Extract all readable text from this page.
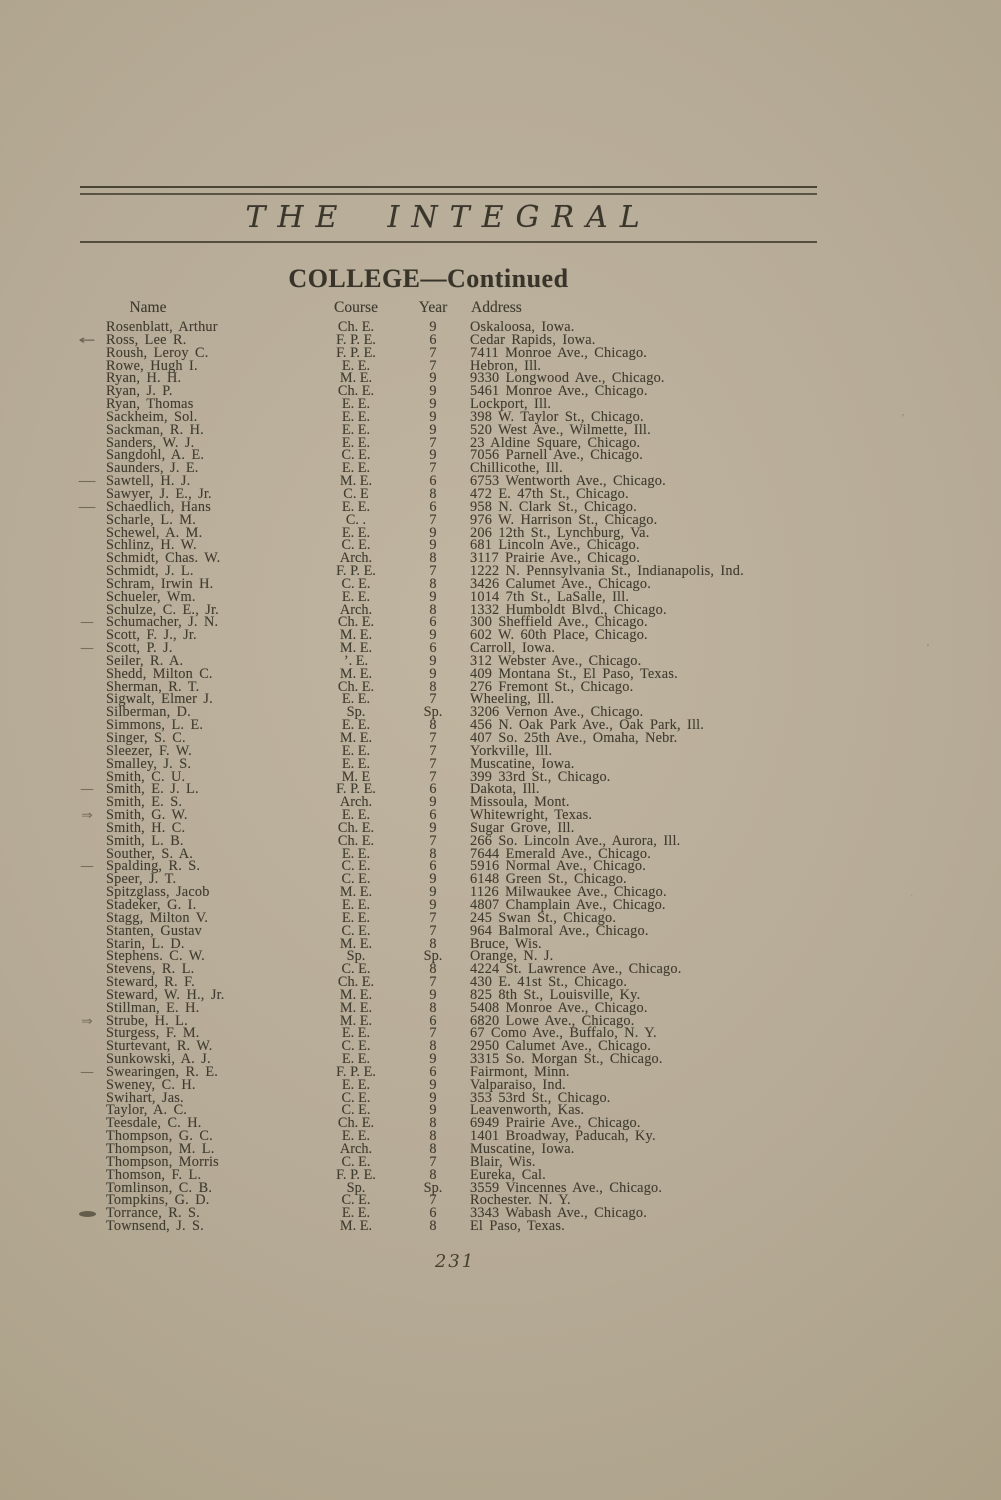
THE INTEGRAL
COLLEGE—Continued
Name	Course	Year	Address
Rosenblatt, Arthur	Ch. E.	9	Oskaloosa, Iowa.
← Ross, Lee R.	F. P. E.	6	Cedar Rapids, Iowa.
Roush, Leroy C.	F. P. E.	7	7411 Monroe Ave., Chicago.
Rowe, Hugh I.	E. E.	7	Hebron, Ill.
Ryan, H. H.	M. E.	9	9330 Longwood Ave., Chicago.
Ryan, J. P.	Ch. E.	9	5461 Monroe Ave., Chicago.
Ryan, Thomas	E. E.	9	Lockport, Ill.
Sackheim, Sol.	E. E.	9	398 W. Taylor St., Chicago.
Sackman, R. H.	E. E.	9	520 West Ave., Wilmette, Ill.
Sanders, W. J.	E. E.	7	23 Aldine Square, Chicago.
Sangdohl, A. E.	C. E.	9	7056 Parnell Ave., Chicago.
Saunders, J. E.	E. E.	7	Chillicothe, Ill.
— Sawtell, H. J.	M. E.	6	6753 Wentworth Ave., Chicago.
Sawyer, J. E., Jr.	C. E	8	472 E. 47th St., Chicago.
— Schaedlich, Hans	E. E.	6	958 N. Clark St., Chicago.
Scharle, L. M.	C. .	7	976 W. Harrison St., Chicago.
Schewel, A. M.	E. E.	9	206 12th St., Lynchburg, Va.
Schlinz, H. W.	C. E.	9	681 Lincoln Ave., Chicago.
Schmidt, Chas. W.	Arch.	8	3117 Prairie Ave., Chicago.
Schmidt, J. L.	F. P. E.	7	1222 N. Pennsylvania St., Indianapolis, Ind.
Schram, Irwin H.	C. E.	8	3426 Calumet Ave., Chicago.
Schueler, Wm.	E. E.	9	1014 7th St., LaSalle, Ill.
Schulze, C. E., Jr.	Arch.	8	1332 Humboldt Blvd., Chicago.
— Schumacher, J. N.	Ch. E.	6	300 Sheffield Ave., Chicago.
Scott, F. J., Jr.	M. E.	9	602 W. 60th Place, Chicago.
— Scott, P. J.	M. E.	6	Carroll, Iowa.
Seiler, R. A.	’. E.	9	312 Webster Ave., Chicago.
Shedd, Milton C.	M. E.	9	409 Montana St., El Paso, Texas.
Sherman, R. T.	Ch. E.	8	276 Fremont St., Chicago.
Sigwalt, Elmer J.	E. E.	7	Wheeling, Ill.
Silberman, D.	Sp.	Sp.	3206 Vernon Ave., Chicago.
Simmons, L. E.	E. E.	8	456 N. Oak Park Ave., Oak Park, Ill.
Singer, S. C.	M. E.	7	407 So. 25th Ave., Omaha, Nebr.
Sleezer, F. W.	E. E.	7	Yorkville, Ill.
Smalley, J. S.	E. E.	7	Muscatine, Iowa.
Smith, C. U.	M. E	7	399 33rd St., Chicago.
— Smith, E. J. L.	F. P. E.	6	Dakota, Ill.
Smith, E. S.	Arch.	9	Missoula, Mont.
⇒ Smith, G. W.	E. E.	6	Whitewright, Texas.
Smith, H. C.	Ch. E.	9	Sugar Grove, Ill.
Smith, L. B.	Ch. E.	7	266 So. Lincoln Ave., Aurora, Ill.
Souther, S. A.	E. E.	8	7644 Emerald Ave., Chicago.
— Spalding, R. S.	C. E.	6	5916 Normal Ave., Chicago.
Speer, J. T.	C. E.	9	6148 Green St., Chicago.
Spitzglass, Jacob	M. E.	9	1126 Milwaukee Ave., Chicago.
Stadeker, G. I.	E. E.	9	4807 Champlain Ave., Chicago.
Stagg, Milton V.	E. E.	7	245 Swan St., Chicago.
Stanten, Gustav	C. E.	7	964 Balmoral Ave., Chicago.
Starin, L. D.	M. E.	8	Bruce, Wis.
Stephens. C. W.	Sp.	Sp.	Orange, N. J.
Stevens, R. L.	C. E.	8	4224 St. Lawrence Ave., Chicago.
Steward, R. F.	Ch. E.	7	430 E. 41st St., Chicago.
Steward, W. H., Jr.	M. E.	9	825 8th St., Louisville, Ky.
Stillman, E. H.	M. E.	8	5408 Monroe Ave., Chicago.
⇒ Strube, H. L.	M. E.	6	6820 Lowe Ave., Chicago.
Sturgess, F. M.	E. E.	7	67 Como Ave., Buffalo, N. Y.
Sturtevant, R. W.	C. E.	8	2950 Calumet Ave., Chicago.
Sunkowski, A. J.	E. E.	9	3315 So. Morgan St., Chicago.
— Swearingen, R. E.	F. P. E.	6	Fairmont, Minn.
Sweney, C. H.	E. E.	9	Valparaiso, Ind.
Swihart, Jas.	C. E.	9	353 53rd St., Chicago.
Taylor, A. C.	C. E.	9	Leavenworth, Kas.
Teesdale, C. H.	Ch. E.	8	6949 Prairie Ave., Chicago.
Thompson, G. C.	E. E.	8	1401 Broadway, Paducah, Ky.
Thompson, M. L.	Arch.	8	Muscatine, Iowa.
Thompson, Morris	C. E.	7	Blair, Wis.
Thomson, F. L.	F. P. E.	8	Eureka, Cal.
Tomlinson, C. B.	Sp.	Sp.	3559 Vincennes Ave., Chicago.
Tompkins, G. D.	C. E.	7	Rochester. N. Y.
Torrance, R. S.	E. E.	6	3343 Wabash Ave., Chicago.
Townsend, J. S.	M. E.	8	El Paso, Texas.
231
’
’
·
